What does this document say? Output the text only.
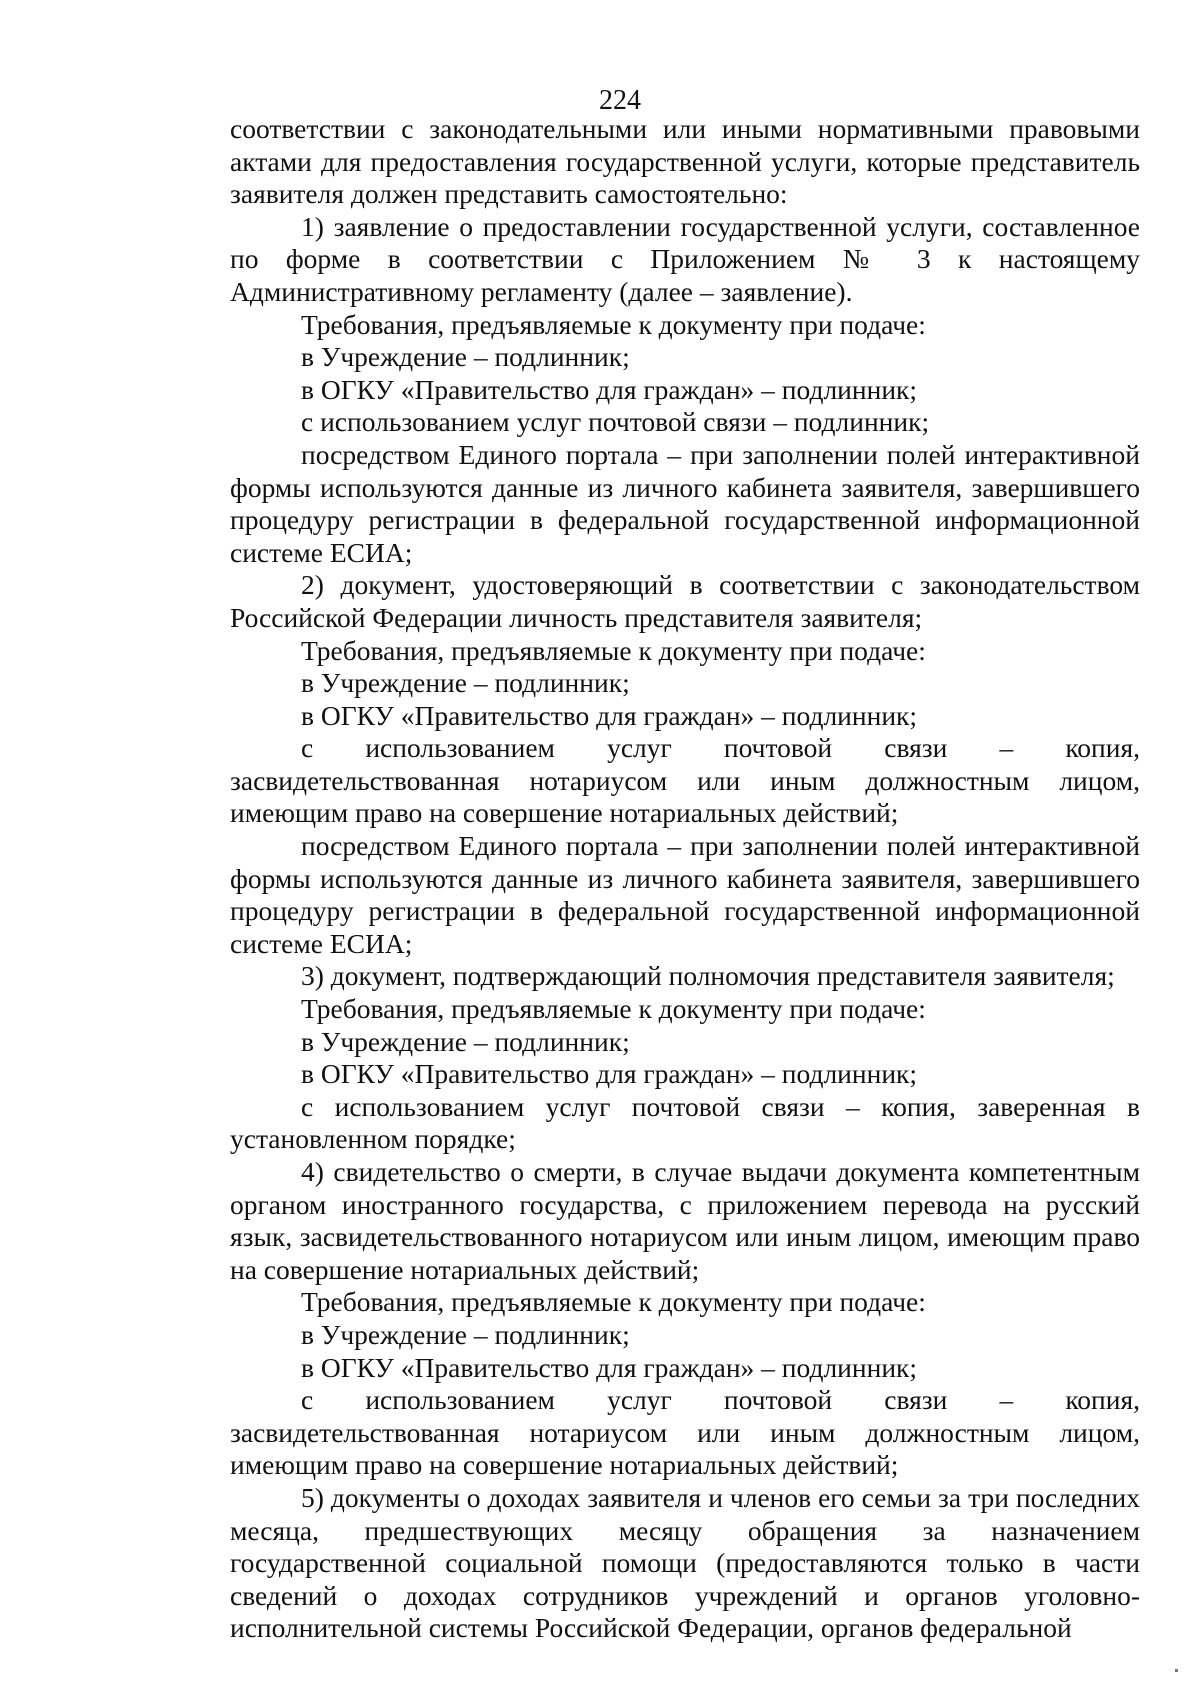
224

соответствии с законодательными или иными нормативными правовыми актами для предоставления государственной услуги, которые представитель заявителя должен представить самостоятельно:

1) заявление о предоставлении государственной услуги, составленное по форме в соответствии с Приложением № 3 к настоящему Административному регламенту (далее – заявление).

Требования, предъявляемые к документу при подаче:

в Учреждение – подлинник;

в ОГКУ «Правительство для граждан» – подлинник;

с использованием услуг почтовой связи – подлинник;

посредством Единого портала – при заполнении полей интерактивной формы используются данные из личного кабинета заявителя, завершившего процедуру регистрации в федеральной государственной информационной системе ЕСИА;

2) документ, удостоверяющий в соответствии с законодательством Российской Федерации личность представителя заявителя;

Требования, предъявляемые к документу при подаче:

в Учреждение – подлинник;

в ОГКУ «Правительство для граждан» – подлинник;

с использованием услуг почтовой связи – копия, засвидетельствованная нотариусом или иным должностным лицом, имеющим право на совершение нотариальных действий;

посредством Единого портала – при заполнении полей интерактивной формы используются данные из личного кабинета заявителя, завершившего процедуру регистрации в федеральной государственной информационной системе ЕСИА;

3) документ, подтверждающий полномочия представителя заявителя;

Требования, предъявляемые к документу при подаче:

в Учреждение – подлинник;

в ОГКУ «Правительство для граждан» – подлинник;

с использованием услуг почтовой связи – копия, заверенная в установленном порядке;

4) свидетельство о смерти, в случае выдачи документа компетентным органом иностранного государства, с приложением перевода на русский язык, засвидетельствованного нотариусом или иным лицом, имеющим право на совершение нотариальных действий;

Требования, предъявляемые к документу при подаче:

в Учреждение – подлинник;

в ОГКУ «Правительство для граждан» – подлинник;

с использованием услуг почтовой связи – копия, засвидетельствованная нотариусом или иным должностным лицом, имеющим право на совершение нотариальных действий;

5) документы о доходах заявителя и членов его семьи за три последних месяца, предшествующих месяцу обращения за назначением государственной социальной помощи (предоставляются только в части сведений о доходах сотрудников учреждений и органов уголовно-исполнительной системы Российской Федерации, органов федеральной
